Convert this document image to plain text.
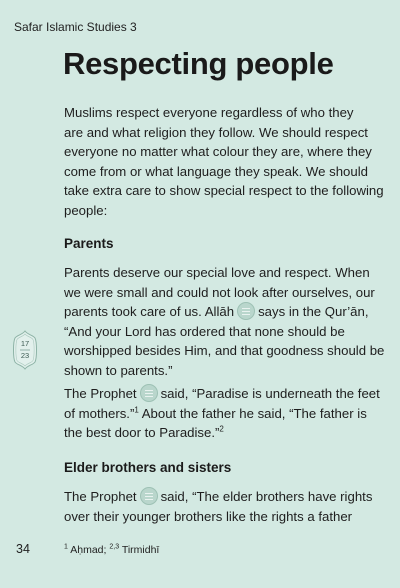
Safar Islamic Studies 3
Respecting people
Muslims respect everyone regardless of who they
are and what religion they follow. We should respect
everyone no matter what colour they are, where they
come from or what language they speak. We should
take extra care to show special respect to the following
people:
Parents
Parents deserve our special love and respect. When
we were small and could not look after ourselves, our
parents took care of us. Allāh says in the Qur’ān,
“And your Lord has ordered that none should be
worshipped besides Him, and that goodness should be
shown to parents.”
The Prophet said, “Paradise is underneath the feet
of mothers.”$^1$ About the father he said, “The father is
the best door to Paradise.”$^2$
Elder brothers and sisters
The Prophet said, “The elder brothers have rights
over their younger brothers like the rights a father
17
23
34	$^1$ Aḥmad; $^{2,3}$ Tirmidhī
